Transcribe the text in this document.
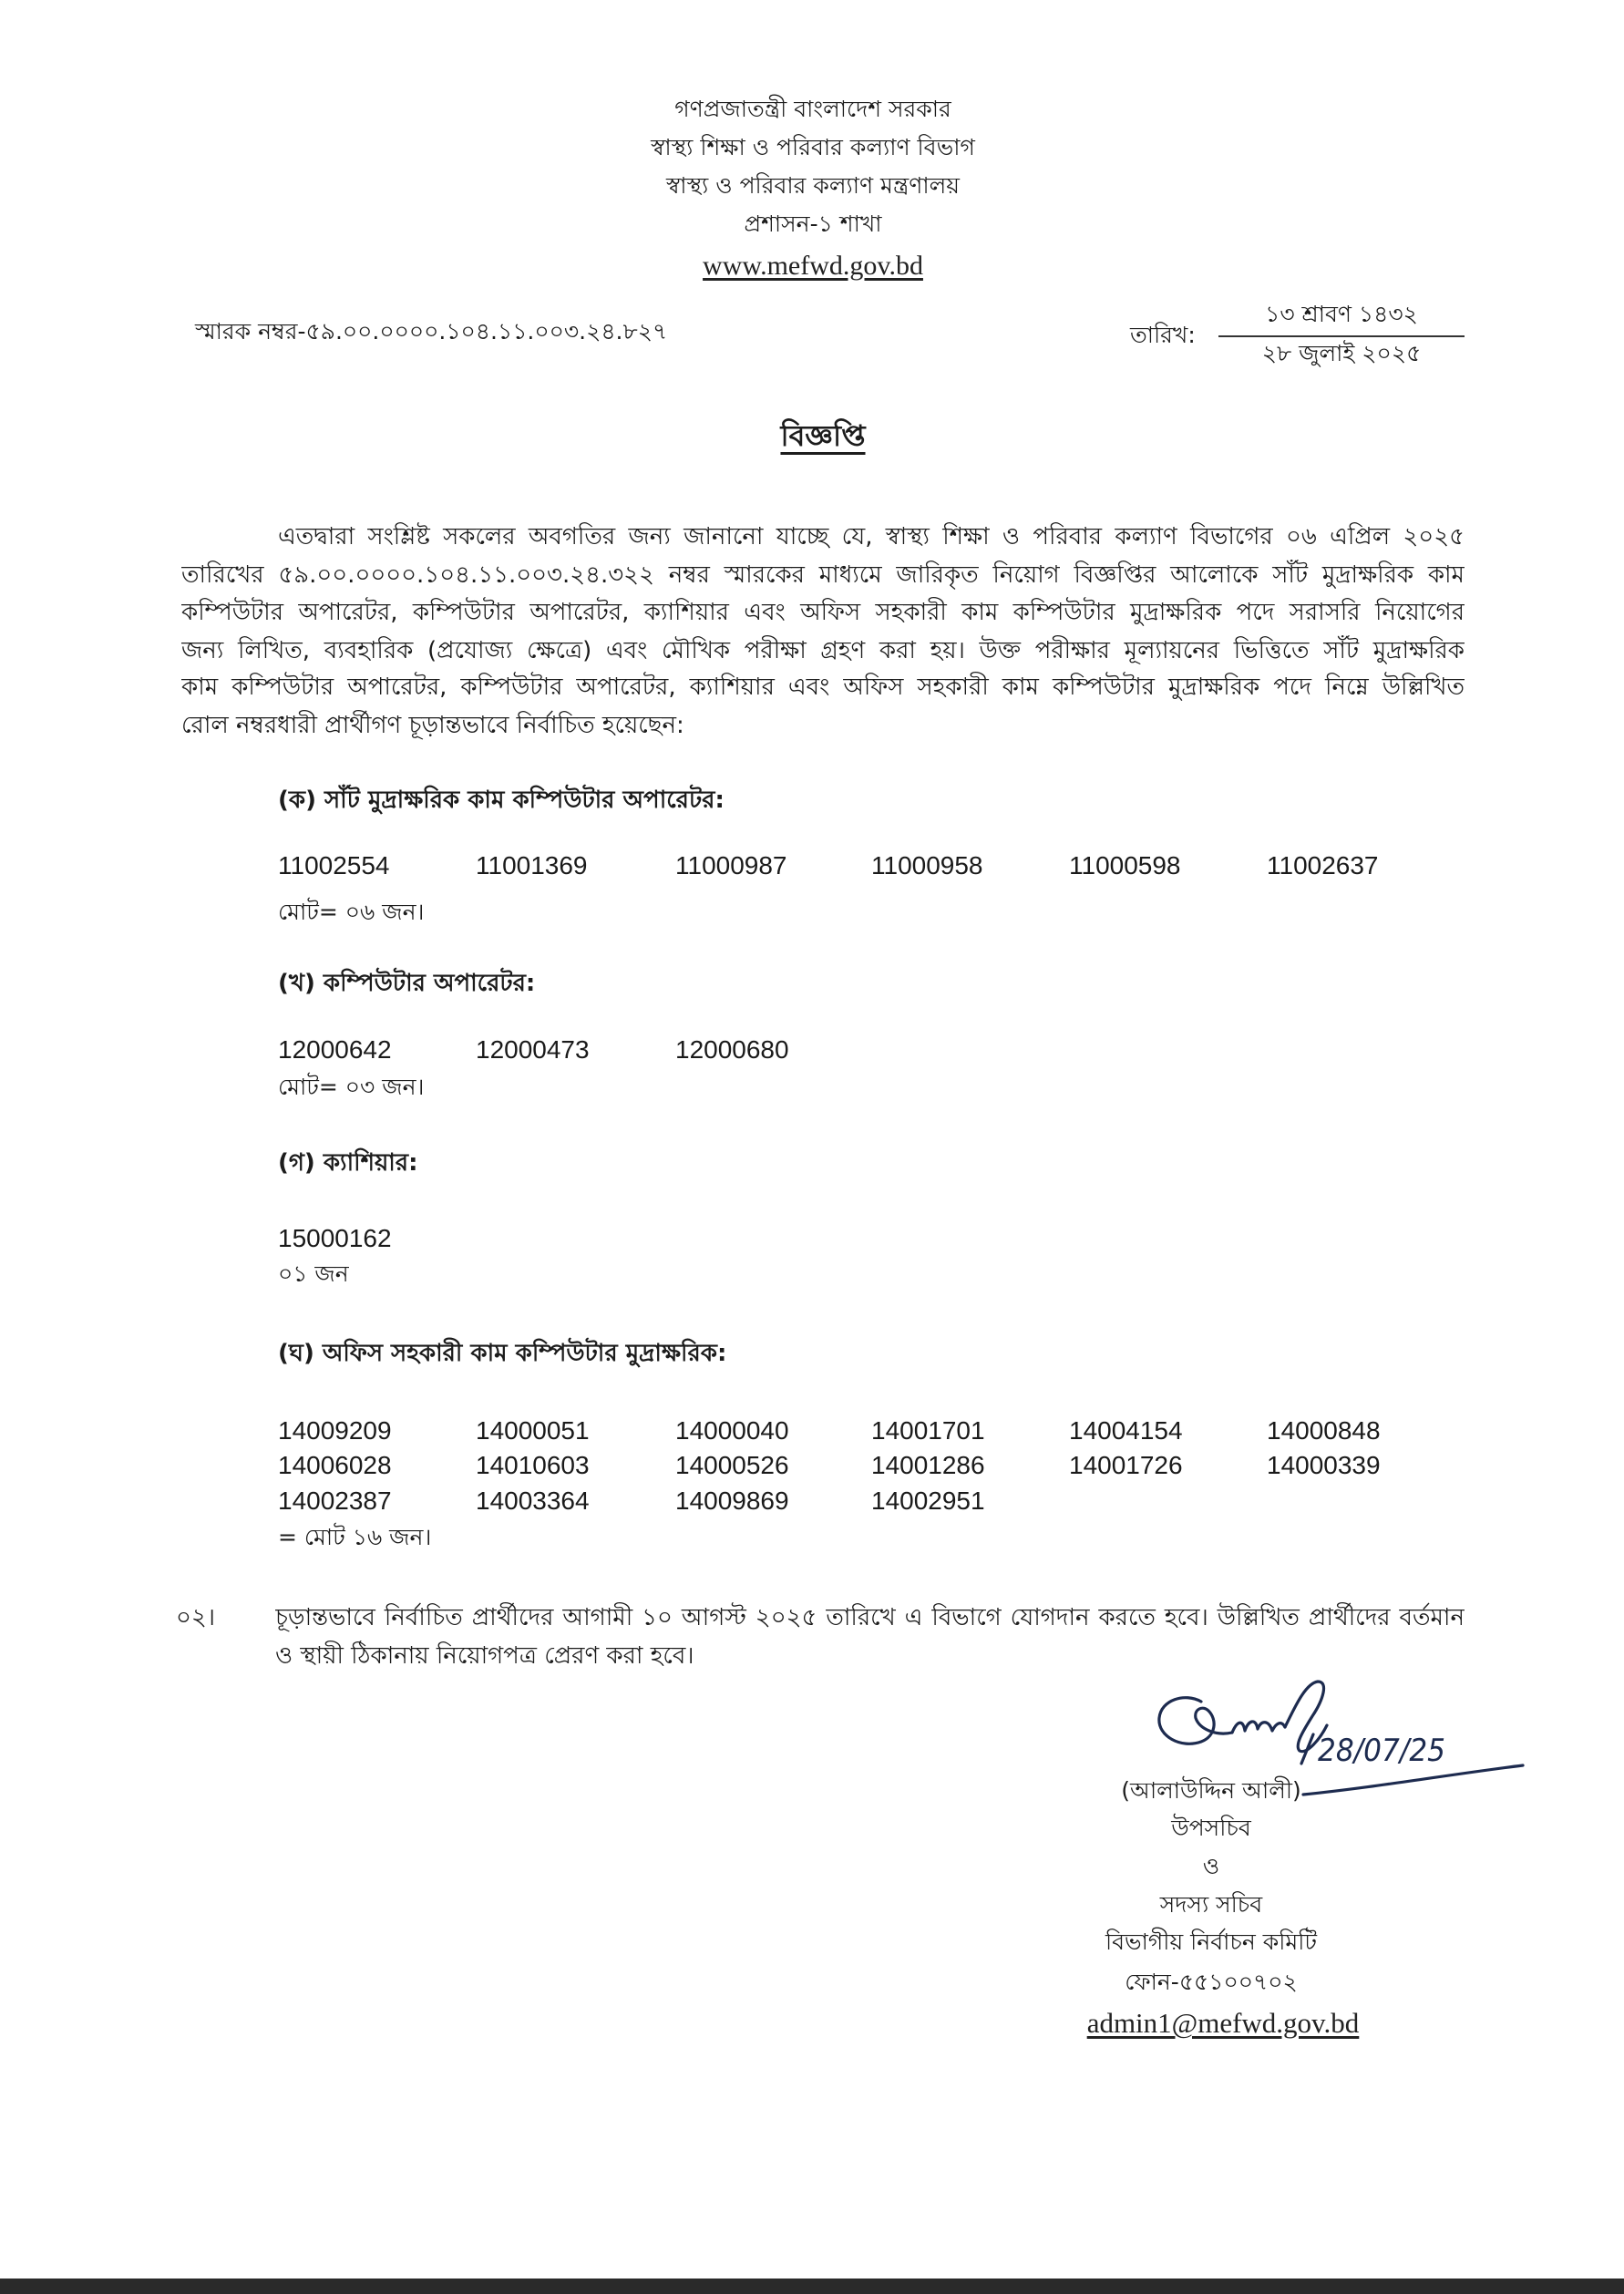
গণপ্রজাতন্ত্রী বাংলাদেশ সরকার
স্বাস্থ্য শিক্ষা ও পরিবার কল্যাণ বিভাগ
স্বাস্থ্য ও পরিবার কল্যাণ মন্ত্রণালয়
প্রশাসন-১ শাখা
www.mefwd.gov.bd
স্মারক নম্বর-৫৯.০০.০০০০.১০৪.১১.০০৩.২৪.৮২৭	তারিখ:
১৩ শ্রাবণ ১৪৩২
২৮ জুলাই ২০২৫
বিজ্ঞপ্তি
এতদ্বারা সংশ্লিষ্ট সকলের অবগতির জন্য জানানো যাচ্ছে যে, স্বাস্থ্য শিক্ষা ও পরিবার কল্যাণ বিভাগের ০৬ এপ্রিল ২০২৫
তারিখের ৫৯.০০.০০০০.১০৪.১১.০০৩.২৪.৩২২ নম্বর স্মারকের মাধ্যমে জারিকৃত নিয়োগ বিজ্ঞপ্তির আলোকে সাঁট মুদ্রাক্ষরিক কাম
কম্পিউটার অপারেটর, কম্পিউটার অপারেটর, ক্যাশিয়ার এবং অফিস সহকারী কাম কম্পিউটার মুদ্রাক্ষরিক পদে সরাসরি নিয়োগের
জন্য লিখিত, ব্যবহারিক (প্রযোজ্য ক্ষেত্রে) এবং মৌখিক পরীক্ষা গ্রহণ করা হয়। উক্ত পরীক্ষার মূল্যায়নের ভিত্তিতে সাঁট মুদ্রাক্ষরিক
কাম কম্পিউটার অপারেটর, কম্পিউটার অপারেটর, ক্যাশিয়ার এবং অফিস সহকারী কাম কম্পিউটার মুদ্রাক্ষরিক পদে নিম্নে উল্লিখিত
রোল নম্বরধারী প্রার্থীগণ চূড়ান্তভাবে নির্বাচিত হয়েছেন:
(ক) সাঁট মুদ্রাক্ষরিক কাম কম্পিউটার অপারেটর:
11002554	11001369	11000987	11000958	11000598	11002637
মোট= ০৬ জন।
(খ) কম্পিউটার অপারেটর:
12000642	12000473	12000680
মোট= ০৩ জন।
(গ) ক্যাশিয়ার:
15000162
০১ জন
(ঘ) অফিস সহকারী কাম কম্পিউটার মুদ্রাক্ষরিক:
14009209	14000051	14000040	14001701	14004154	14000848
14006028	14010603	14000526	14001286	14001726	14000339
14002387	14003364	14009869	14002951
= মোট ১৬ জন।
০২।	চূড়ান্তভাবে নির্বাচিত প্রার্থীদের আগামী ১০ আগস্ট ২০২৫ তারিখে এ বিভাগে যোগদান করতে হবে। উল্লিখিত প্রার্থীদের বর্তমান
ও স্থায়ী ঠিকানায় নিয়োগপত্র প্রেরণ করা হবে।
28/07/25
(আলাউদ্দিন আলী)
উপসচিব
ও
সদস্য সচিব
বিভাগীয় নির্বাচন কমিটি
ফোন-৫৫১০০৭০২
admin1@mefwd.gov.bd
